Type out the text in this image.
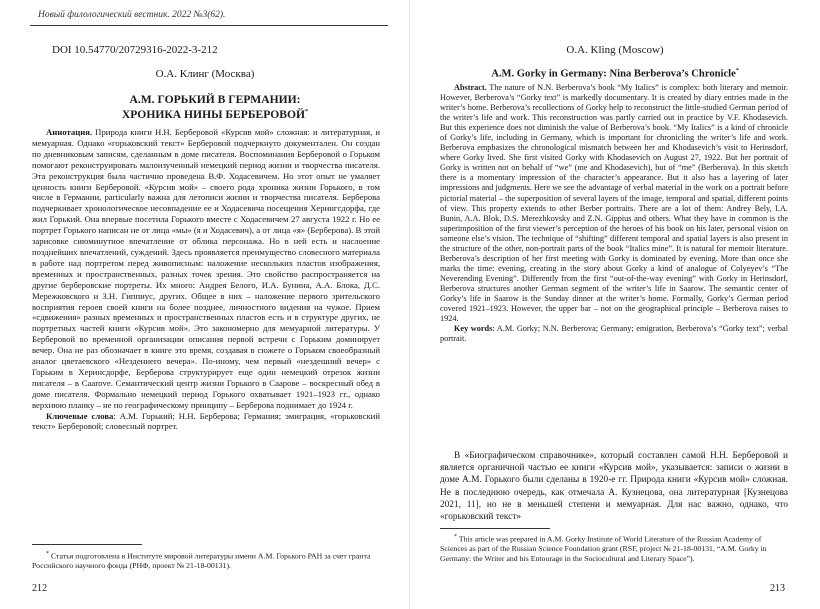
Новый филологический вестник. 2022 №3(62).
DOI 10.54770/20729316-2022-3-212
О.А. Клинг (Москва)
А.М. ГОРЬКИЙ В ГЕРМАНИИ:
ХРОНИКА НИНЫ БЕРБЕРОВОЙ*

Аннотация. Природа книги Н.Н. Берберовой «Курсив мой» сложная: и литературная, и мемуарная. Однако «горьковский текст» Берберовой подчеркнуто документален. Он создан по дневниковым записям, сделанным в доме писателя. Воспоминания Берберовой о Горьком помогают реконструировать малоизученный немецкий период жизни и творчества писателя. Эта реконструкция была частично проведена В.Ф. Ходасевичем. Но этот опыт не умаляет ценность книги Берберовой. «Курсив мой» – своего рода хроника жизни Горького, в том числе в Германии, particularly важна для летописи жизни и творчества писателя. Берберова подчеркивает хронологическое несовпадение ее и Ходасевича посещения Херингсдорфа, где жил Горький. Она впервые посетила Горького вместе с Ходасевичем 27 августа 1922 г. Но ее портрет Горького написан не от лица «мы» (я и Ходасевич), а от лица «я» (Берберова). В этой зарисовке сиюминутное впечатление от облика персонажа. Но в ней есть и наслоение позднейших впечатлений, суждений. Здесь проявляется преимущество словесного материала в работе над портретом перед живописным: наложение нескольких пластов изображения, временных и пространственных, разных точек зрения. Это свойство распространяется на другие берберовские портреты. Их много: Андрея Белого, И.А. Бунина, А.А. Блока, Д.С. Мережковского и З.Н. Гиппиус, других. Общее в них – наложение первого зрительского восприятия героев своей книги на более позднее, личностного видения на чужое. Прием «сдвижения» разных временных и пространственных пластов есть и в структуре других, не портретных частей книги «Курсив мой». Это закономерно для мемуарной литературы. У Берберовой во временной организации описания первой встречи с Горьким доминирует вечер. Она не раз обозначает в книге это время, создавая в сюжете о Горьком своеобразный аналог цветаевского «Незденнего вечера». По-иному, чем первый «нездешний вечер» с Горьким в Херинсдорфе, Берберова структурирует еще один немецкий отрезок жизни писателя – в Сааrove. Семантический центр жизни Горького в Саарове – воскресный обед в доме писателя. Формально немецкий период Горького охватывает 1921–1923 гг., однако верхнюю планку – не по географическому принципу – Берберова поднимает до 1924 г.

Ключевые слова: А.М. Горький; Н.Н. Берберова; Германия; эмиграция, «горьковский текст» Берберовой; словесный портрет.

* Статья подготовлена в Институте мировой литературы имени А.М. Горького РАН за счет гранта Российского научного фонда (РНФ, проект № 21-18-00131).
212
O.A. Kling (Moscow)
A.M. Gorky in Germany: Nina Berberova’s Chronicle*

Abstract. The nature of N.N. Berberova’s book “My Italics” is complex: both literary and memoir. However, Berberova’s “Gorky text” is markedly documentary. It is created by diary entries made in the writer’s home. Berberova’s recollections of Gorky help to reconstruct the little-studied German period of the writer’s life and work. This reconstruction was partly carried out in practice by V.F. Khodasevich. But this experience does not diminish the value of Berberova’s book. “My Italics” is a kind of chronicle of Gorky’s life, including in Germany, which is important for chronicling the writer’s life and work. Berberova emphasizes the chronological mismatch between her and Khodasevich’s visit to Herinsdorf, where Gorky lived. She first visited Gorky with Khodasevich on August 27, 1922. But her portrait of Gorky is written not on behalf of “we” (me and Khodasevich), but of “me” (Berberova). In this sketch there is a momentary impression of the character’s appearance. But it also has a layering of later impressions and judgments. Here we see the advantage of verbal material in the work on a portrait before pictorial material – the superposition of several layers of the image, temporal and spatial, different points of view. This property extends to other Berber portraits. There are a lot of them: Andrey Bely, I.A. Bunin, A.A. Blok, D.S. Merezhkovsky and Z.N. Gippius and others. What they have in common is the superimposition of the first viewer’s perception of the heroes of his book on his later, personal vision on someone else’s vision. The technique of “shifting” different temporal and spatial layers is also present in the structure of the other, non-portrait parts of the book “Italics mine”. It is natural for memoir literature. Berberova’s description of her first meeting with Gorky is dominated by evening. More than once she marks the time: evening, creating in the story about Gorky a kind of analogue of Colyeyev’s “The Neverending Evening”. Differently from the first “out-of-the-way evening” with Gorky in Herinsdorf, Berberova structures another German segment of the writer’s life in Saarow. The semantic center of Gorky’s life in Saarow is the Sunday dinner at the writer’s home. Formally, Gorky’s German period covered 1921–1923. However, the upper bar – not on the geographical principle – Berberova raises to 1924.

Key words: A.M. Gorky; N.N. Berberova; Germany; emigration, Berberova’s “Gorky text”; verbal portrait.

В «Биографическом справочнике», который составлен самой Н.Н. Берберовой и является органичной частью ее книги «Курсив мой», указывается: записи о жизни в доме А.М. Горького были сделаны в 1920-е гг. Природа книги «Курсив мой» сложная. Не в последнюю очередь, как отмечала А. Кузнецова, она литературная [Кузнецова 2021, 11], но не в меньшей степени и мемуарная. Для нас важно, однако, что «горьковский текст»

* This article was prepared in A.M. Gorky Institute of World Literature of the Russian Academy of Sciences as part of the Russian Science Foundation grant (RSF, project № 21-18-00131, “A.M. Gorky in Germany: the Writer and his Entourage in the Sociocultural and Literary Space”).
213
